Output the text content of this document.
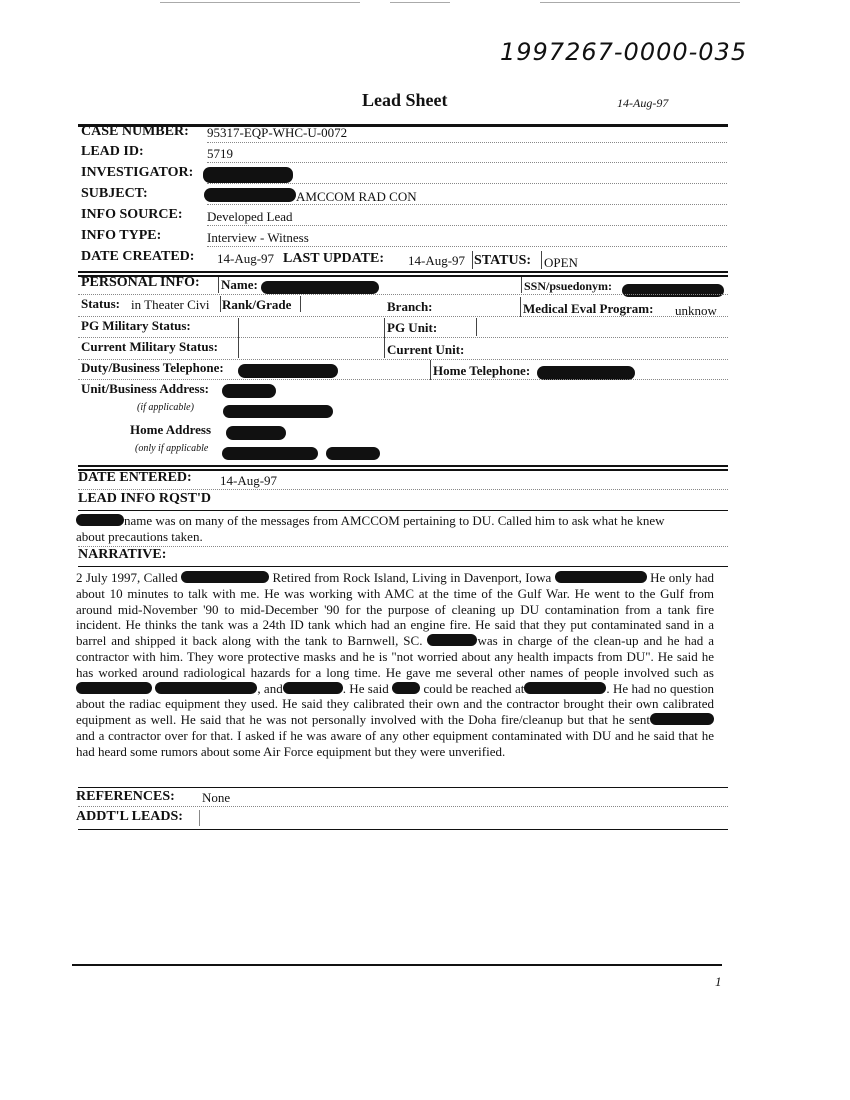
1997267-0000-035
Lead Sheet	14-Aug-97
CASE NUMBER: 95317-EQP-WHC-U-0072
LEAD ID:	5719
INVESTIGATOR:
SUBJECT:	AMCCOM RAD CON
INFO SOURCE: Developed Lead
INFO TYPE:	Interview - Witness
DATE CREATED: 14-Aug-97 LAST UPDATE: 14-Aug-97 STATUS: OPEN
PERSONAL INFO: Name:	SSN/psuedonym:
Status: in Theater Civi Rank/Grade	Branch:	Medical Eval Program: unknow
PG Military Status:	PG Unit:
Current Military Status:	Current Unit:
Duty/Business Telephone:	Home Telephone:
Unit/Business Address:
(if applicable)
Home Address
(only if applicable
DATE ENTERED: 14-Aug-97
LEAD INFO RQST'D
name was on many of the messages from AMCCOM pertaining to DU. Called him to ask what he knew
about precautions taken.
NARRATIVE:
2 July 1997, Called	Retired from Rock Island, Living in Davenport, Iowa	He only had about 10 minutes to talk with me. He was working with AMC at the time of the Gulf War. He went to the Gulf from around mid-November '90 to mid-December '90 for the purpose of cleaning up DU contamination from a tank fire incident. He thinks the tank was a 24th ID tank which had an engine fire. He said that they put contaminated sand in a barrel and shipped it back along with the tank to Barnwell, SC.	was in charge of the clean-up and he had a contractor with him. They wore protective masks and he is "not worried about any health impacts from DU". He said he has worked around radiological hazards for a long time. He gave me several other names of people involved such as , and	. He said	could be reached at	. He had no question about the radiac equipment they used. He said they calibrated their own and the contractor brought their own calibrated equipment as well. He said that he was not personally involved with the Doha fire/cleanup but that he sent and a contractor over for that. I asked if he was aware of any other equipment contaminated with DU and he said that he had heard some rumors about some Air Force equipment but they were unverified.
REFERENCES: None
ADDT'L LEADS:
1
